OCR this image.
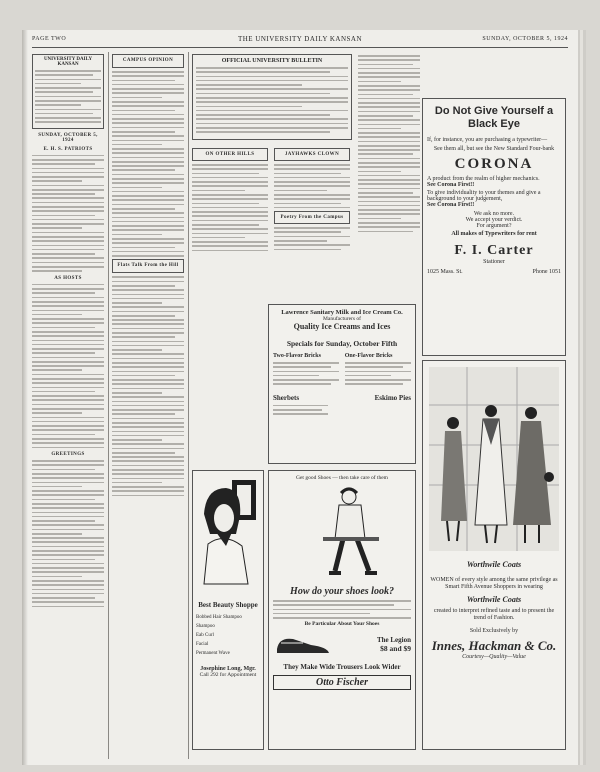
PAGE TWO	THE UNIVERSITY DAILY KANSAN	SUNDAY, OCTOBER 5, 1924
UNIVERSITY DAILY KANSAN
SUNDAY, OCTOBER 5, 1924
E. H. S. PATRIOTS
AS HOSTS
GREETINGS
CAMPUS OPINION
Flats Talk From the Hill
OFFICIAL UNIVERSITY BULLETIN
ON OTHER HILLS	JAYHAWKS CLOWN
Poetry From the Campus
Do Not Give Yourself a Black Eye
If, for instance, you are purchasing a typewriter—
See them all, but see the New Standard Four-bank
CORONA
A product from the realm of higher mechanics.
See Corona First!!
To give individuality to your themes and give a background to your judgement,
See Corona First!!
We ask no more.
We accept your verdict.
For argument?
All makes of Typewriters for rent
F. I. Carter
Stationer
1025 Mass. St.	Phone 1051
Lawrence Sanitary Milk and Ice Cream Co.
Manufacturers of
Quality Ice Creams and Ices
Specials for Sunday, October Fifth
Two-Flavor Bricks	One-Flavor Bricks
Sherbets	Eskimo Pies
Best Beauty Shoppe
Bobbed Hair Shampoo
Shampoo
Eab Curl
Facial
Permanent Wave
Josephine Long, Mgr.
Call 292 for Appointment
Get good Shoes — then take care of them
How do your shoes look?
Be Particular About Your Shoes
The Legion
$8 and $9
They Make Wide Trousers Look Wider
Otto Fischer
Worthwile Coats
WOMEN of every style among the same privilege as Smart Fifth Avenue Shoppers in wearing
Worthwile Coats
created to interpret refined taste and to present the trend of Fashion.
Sold Exclusively by
Innes, Hackman & Co.
Courtesy—Quality—Value
